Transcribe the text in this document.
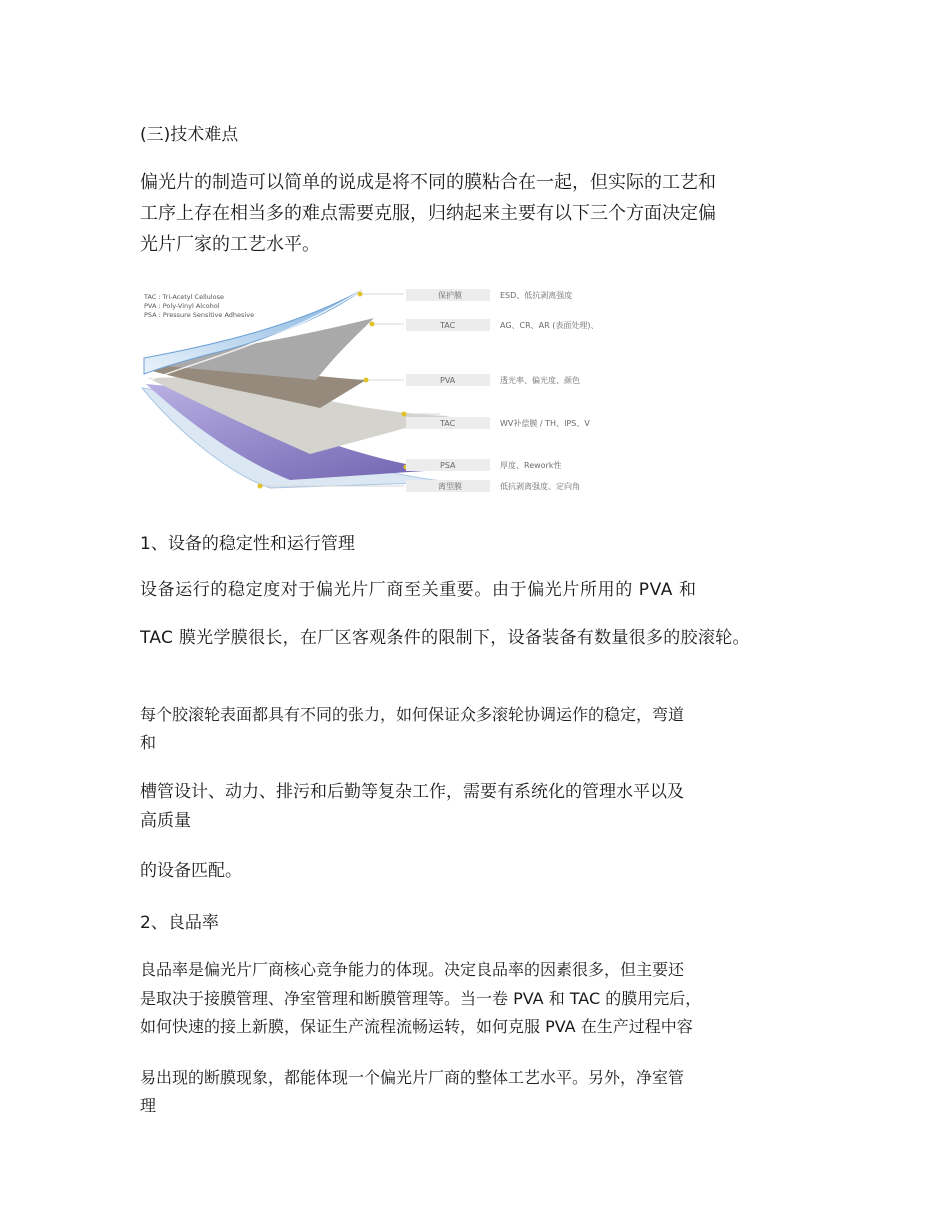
(三)技术难点

偏光片的制造可以简单的说成是将不同的膜粘合在一起，但实际的工艺和

工序上存在相当多的难点需要克服，归纳起来主要有以下三个方面决定偏

光片厂家的工艺水平。

TAC : Tri-Acetyl Cellulose
PVA : Poly-Vinyl Alcohol
PSA : Pressure Sensitive Adhesive
保护膜
TAC
PVA
TAC
PSA
离型膜
ESD、低抗剥离强度
AG、CR、AR (表面处理)、
透光率、偏光度、颜色
WV补偿膜 / TH、IPS、V
厚度、Rework性
低抗剥离强度、定向角
1、设备的稳定性和运行管理

设备运行的稳定度对于偏光片厂商至关重要。由于偏光片所用的 PVA 和

TAC 膜光学膜很长，在厂区客观条件的限制下，设备装备有数量很多的胶滚轮。

每个胶滚轮表面都具有不同的张力，如何保证众多滚轮协调运作的稳定，弯道

和

槽管设计、动力、排污和后勤等复杂工作，需要有系统化的管理水平以及

高质量

的设备匹配。

2、良品率

良品率是偏光片厂商核心竞争能力的体现。决定良品率的因素很多，但主要还

是取决于接膜管理、净室管理和断膜管理等。当一卷 PVA 和 TAC 的膜用完后，

如何快速的接上新膜，保证生产流程流畅运转，如何克服 PVA 在生产过程中容

易出现的断膜现象，都能体现一个偏光片厂商的整体工艺水平。另外，净室管

理
